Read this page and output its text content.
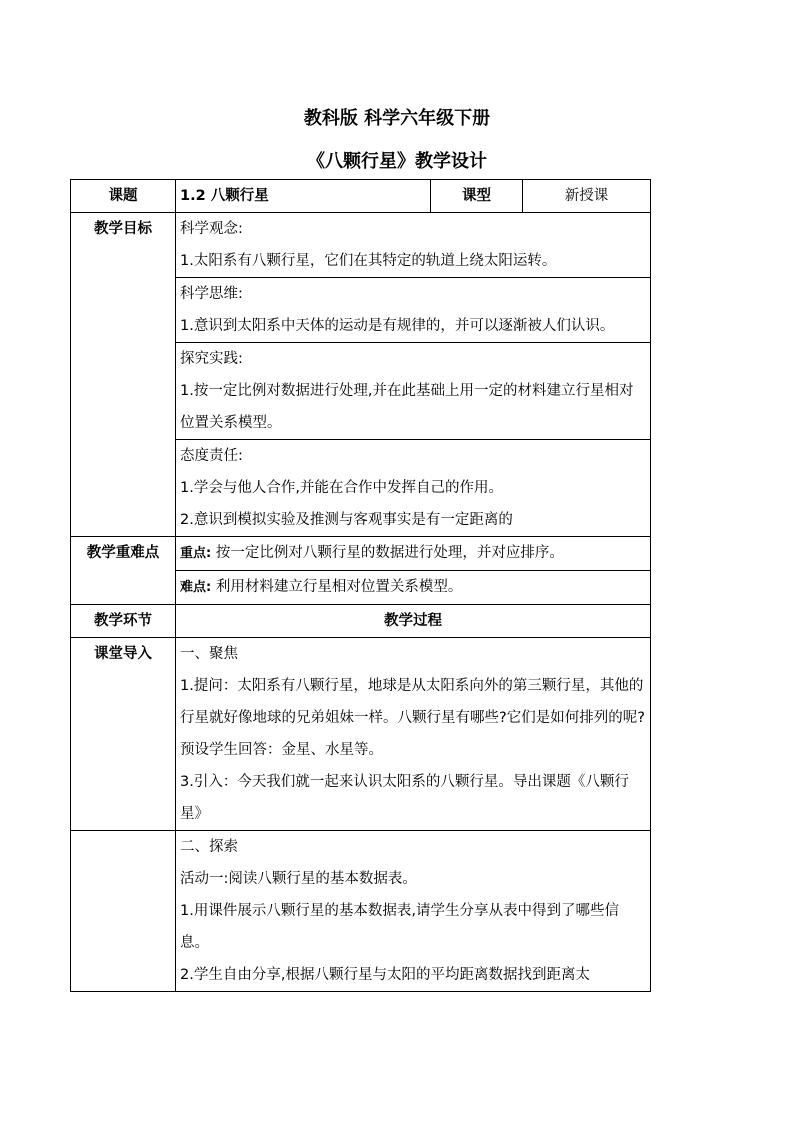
教科版 科学六年级下册
《八颗行星》教学设计
课题	1.2 八颗行星	课型	新授课
教学目标	科学观念:
1.太阳系有八颗行星，它们在其特定的轨道上绕太阳运转。		

	科学思维:
1.意识到太阳系中天体的运动是有规律的，并可以逐渐被人们认识。		

	探究实践:
1.按一定比例对数据进行处理,并在此基础上用一定的材料建立行星相对位置关系模型。		

	态度责任:
1.学会与他人合作,并能在合作中发挥自己的作用。
2.意识到模拟实验及推测与客观事实是有一定距离的		

教学重难点	重点: 按一定比例对八颗行星的数据进行处理，并对应排序。		

	难点: 利用材料建立行星相对位置关系模型。		

教学环节	教学过程		
课堂导入	一、聚焦
1.提问：太阳系有八颗行星，地球是从太阳系向外的第三颗行星，其他的行星就好像地球的兄弟姐妹一样。八颗行星有哪些?它们是如何排列的呢?
预设学生回答：金星、水星等。
3.引入：今天我们就一起来认识太阳系的八颗行星。导出课题《八颗行星》		

	二、探索
活动一:阅读八颗行星的基本数据表。
1.用课件展示八颗行星的基本数据表,请学生分享从表中得到了哪些信息。
2.学生自由分享,根据八颗行星与太阳的平均距离数据找到距离太		
